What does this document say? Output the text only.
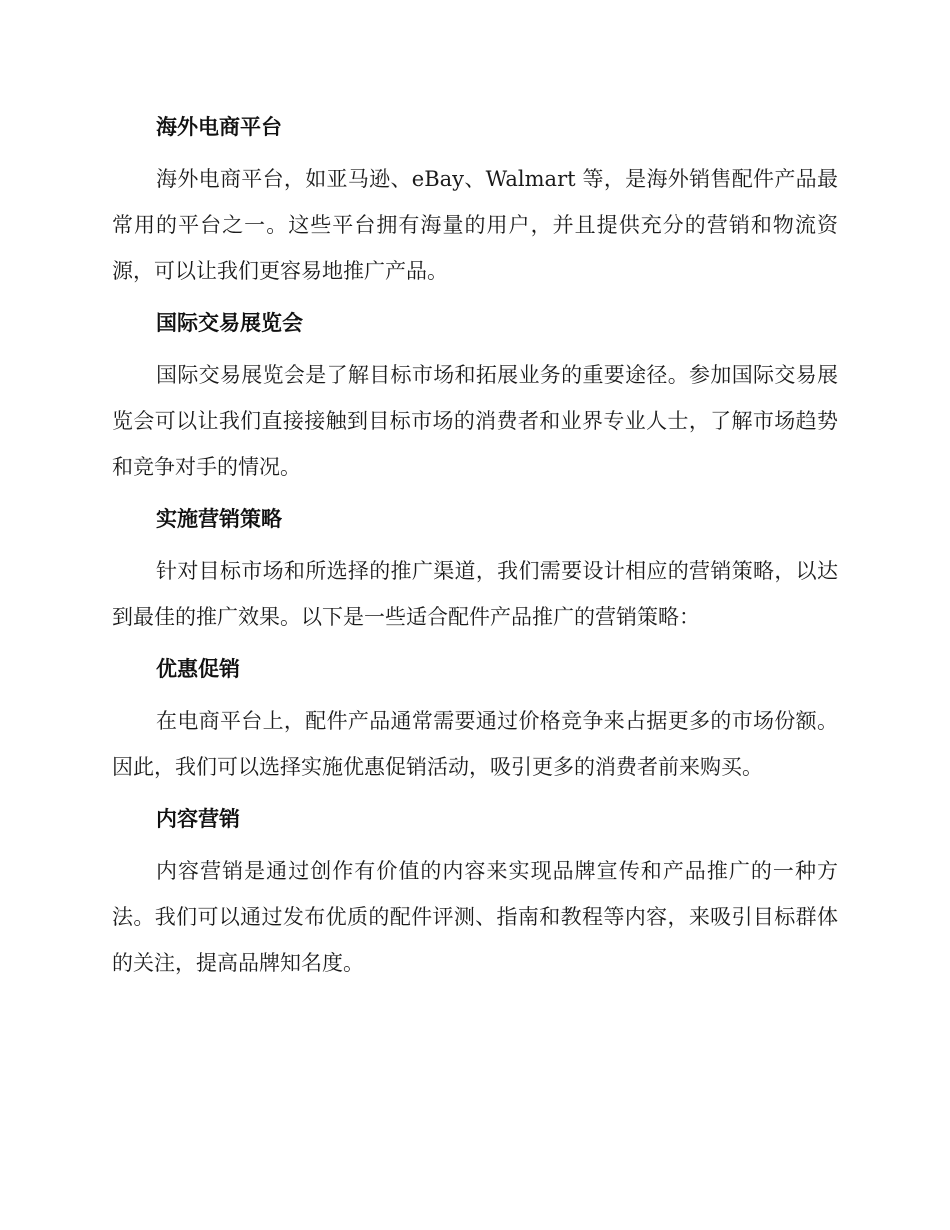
海外电商平台

海外电商平台，如亚马逊、eBay、Walmart 等，是海外销售配件产品最常用的平台之一。这些平台拥有海量的用户，并且提供充分的营销和物流资源，可以让我们更容易地推广产品。

国际交易展览会

国际交易展览会是了解目标市场和拓展业务的重要途径。参加国际交易展览会可以让我们直接接触到目标市场的消费者和业界专业人士，了解市场趋势和竞争对手的情况。

实施营销策略

针对目标市场和所选择的推广渠道，我们需要设计相应的营销策略，以达到最佳的推广效果。以下是一些适合配件产品推广的营销策略：

优惠促销

在电商平台上，配件产品通常需要通过价格竞争来占据更多的市场份额。因此，我们可以选择实施优惠促销活动，吸引更多的消费者前来购买。

内容营销

内容营销是通过创作有价值的内容来实现品牌宣传和产品推广的一种方法。我们可以通过发布优质的配件评测、指南和教程等内容，来吸引目标群体的关注，提高品牌知名度。
